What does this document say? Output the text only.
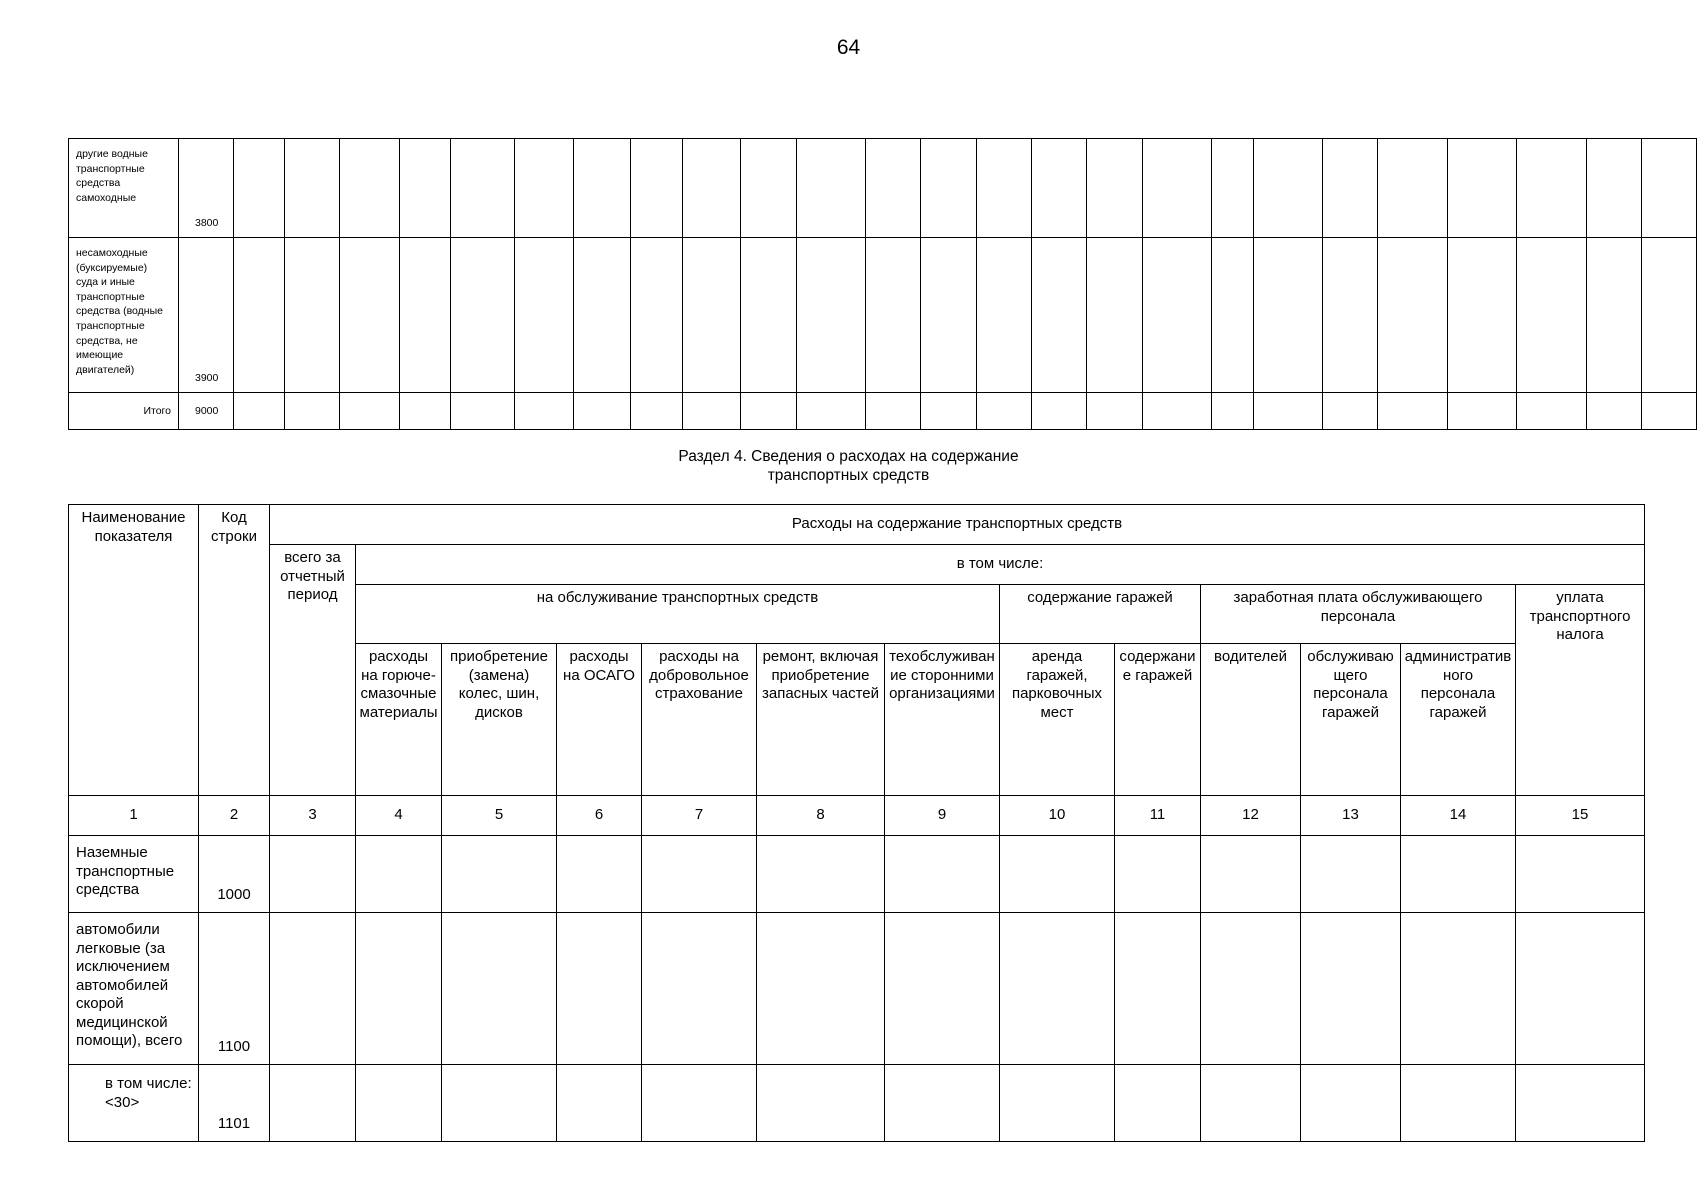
64
другие водные транспортные средства самоходные	3800																									
несамоходные (буксируемые) суда и иные транспортные средства (водные транспортные средства, не имеющие двигателей)	3900																									
Итого	9000																									
Раздел 4. Сведения о расходах на содержание
транспортных средств
Наименование показателя	Код строки	Расходы на содержание транспортных средств												
		всего за отчетный период	в том числе:											
			на обслуживание транспортных средств						содержание гаражей		заработная плата обслуживающего персонала			уплата транспортного налога
			расходы на горюче-смазочные материалы	приобретение (замена) колес, шин, дисков	расходы на ОСАГО	расходы на добровольное страхование	ремонт, включая приобретение запасных частей	техобслуживание сторонними организациями	аренда гаражей, парковочных мест	содержание гаражей	водителей	обслуживающего персонала гаражей	административного персонала гаражей	
1	2	3	4	5	6	7	8	9	10	11	12	13	14	15
Наземные транспортные средства	1000													
автомобили легковые (за исключением автомобилей скорой медицинской помощи), всего	1100													
в том числе: <30>	1101													
